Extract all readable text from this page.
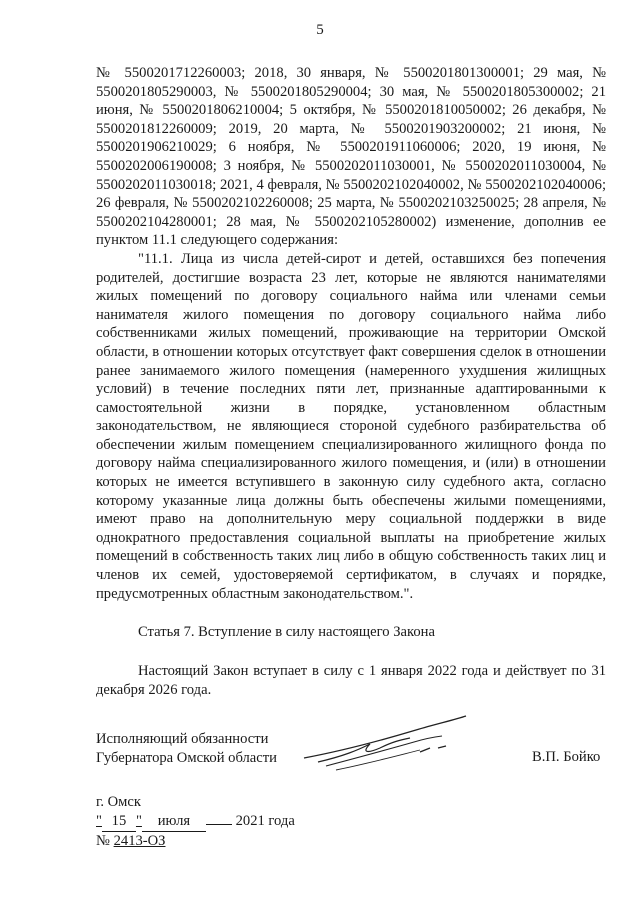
5

№ 5500201712260003; 2018, 30 января, № 5500201801300001; 29 мая, № 5500201805290003, № 5500201805290004; 30 мая, № 5500201805300002; 21 июня, № 5500201806210004; 5 октября, № 5500201810050002; 26 декабря, № 5500201812260009; 2019, 20 марта, № 5500201903200002; 21 июня, № 5500201906210029; 6 ноября, № 5500201911060006; 2020, 19 июня, № 5500202006190008; 3 ноября, № 5500202011030001, № 5500202011030004, № 5500202011030018; 2021, 4 февраля, № 5500202102040002, № 5500202102040006; 26 февраля, № 5500202102260008; 25 марта, № 5500202103250025; 28 апреля, № 5500202104280001; 28 мая, № 5500202105280002) изменение, дополнив ее пунктом 11.1 следующего содержания:

"11.1. Лица из числа детей-сирот и детей, оставшихся без попечения родителей, достигшие возраста 23 лет, которые не являются нанимателями жилых помещений по договору социального найма или членами семьи нанимателя жилого помещения по договору социального найма либо собственниками жилых помещений, проживающие на территории Омской области, в отношении которых отсутствует факт совершения сделок в отношении ранее занимаемого жилого помещения (намеренного ухудшения жилищных условий) в течение последних пяти лет, признанные адаптированными к самостоятельной жизни в порядке, установленном областным законодательством, не являющиеся стороной судебного разбирательства об обеспечении жилым помещением специализированного жилищного фонда по договору найма специализированного жилого помещения, и (или) в отношении которых не имеется вступившего в законную силу судебного акта, согласно которому указанные лица должны быть обеспечены жилыми помещениями, имеют право на дополнительную меру социальной поддержки в виде однократного предоставления социальной выплаты на приобретение жилых помещений в собственность таких лиц либо в общую собственность таких лиц и членов их семей, удостоверяемой сертификатом, в случаях и порядке, предусмотренных областным законодательством.".

Статья 7. Вступление в силу настоящего Закона
Настоящий Закон вступает в силу с 1 января 2022 года и действует по 31 декабря 2026 года.
Исполняющий обязанности
Губернатора Омской области	В.П. Бойко
г. Омск
" 15 " июля	2021 года
№ 2413-ОЗ
